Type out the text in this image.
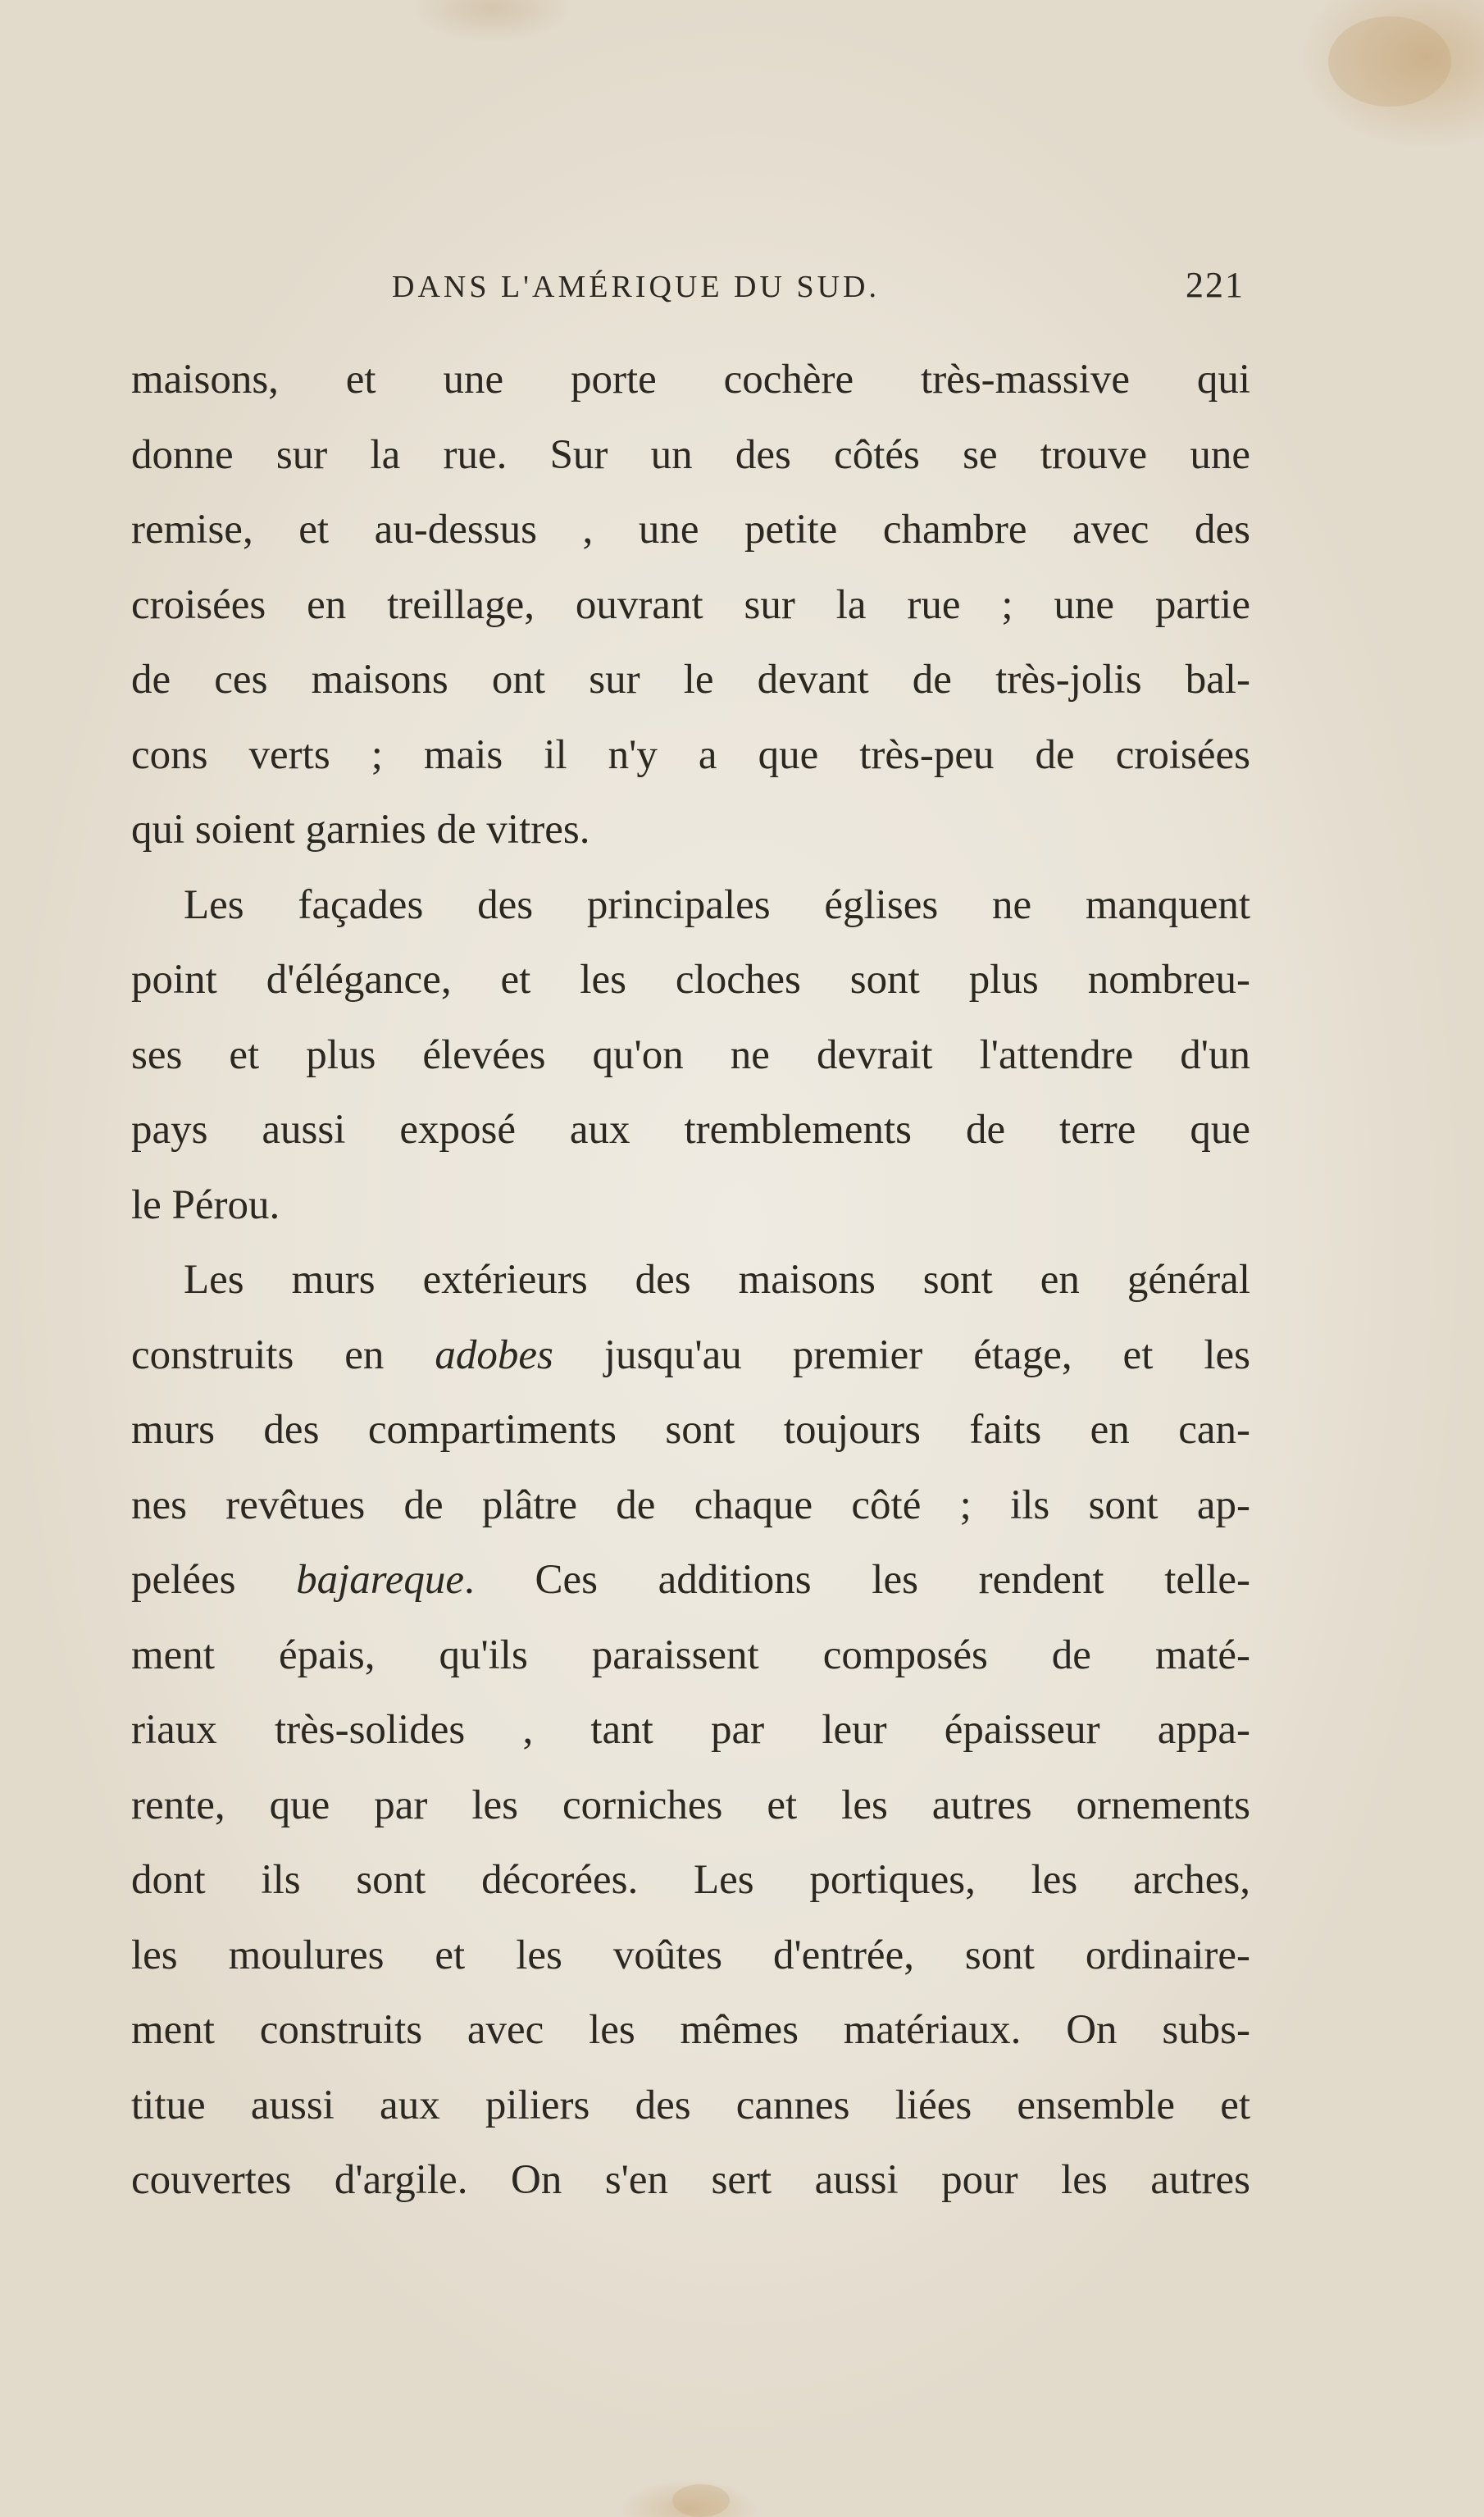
DANS L'AMÉRIQUE DU SUD.	221
maisons, et une porte cochère très-massive qui
donne sur la rue. Sur un des côtés se trouve une
remise, et au-dessus , une petite chambre avec des
croisées en treillage, ouvrant sur la rue ; une partie
de ces maisons ont sur le devant de très-jolis bal-
cons verts ; mais il n'y a que très-peu de croisées
qui soient garnies de vitres.
Les façades des principales églises ne manquent
point d'élégance, et les cloches sont plus nombreu-
ses et plus élevées qu'on ne devrait l'attendre d'un
pays aussi exposé aux tremblements de terre que
le Pérou.
Les murs extérieurs des maisons sont en général
construits en adobes jusqu'au premier étage, et les
murs des compartiments sont toujours faits en can-
nes revêtues de plâtre de chaque côté ; ils sont ap-
pelées bajareque. Ces additions les rendent telle-
ment épais, qu'ils paraissent composés de maté-
riaux très-solides , tant par leur épaisseur appa-
rente, que par les corniches et les autres ornements
dont ils sont décorées. Les portiques, les arches,
les moulures et les voûtes d'entrée, sont ordinaire-
ment construits avec les mêmes matériaux. On subs-
titue aussi aux piliers des cannes liées ensemble et
couvertes d'argile. On s'en sert aussi pour les autres
